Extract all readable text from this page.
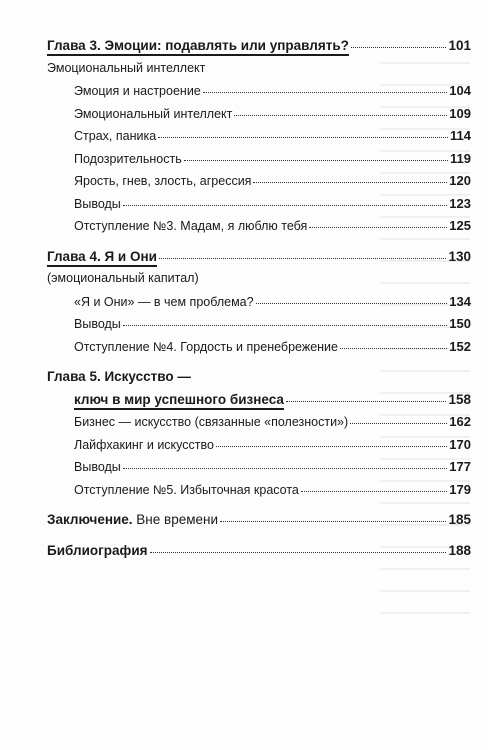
Глава 3. Эмоции: подавлять или управлять?	101
Эмоциональный интеллект
Эмоция и настроение	104
Эмоциональный интеллект	109
Страх, паника	114
Подозрительность	119
Ярость, гнев, злость, агрессия	120
Выводы	123
Отступление №3. Мадам, я люблю тебя	125
Глава 4. Я и Они	130
(эмоциональный капитал)
«Я и Они» — в чем проблема?	134
Выводы	150
Отступление №4. Гордость и пренебрежение	152
Глава 5. Искусство —
ключ в мир успешного бизнеса	158
Бизнес — искусство (связанные «полезности»)	162
Лайфхакинг и искусство	170
Выводы	177
Отступление №5. Избыточная красота	179
Заключение. Вне времени	185
Библиография	188
